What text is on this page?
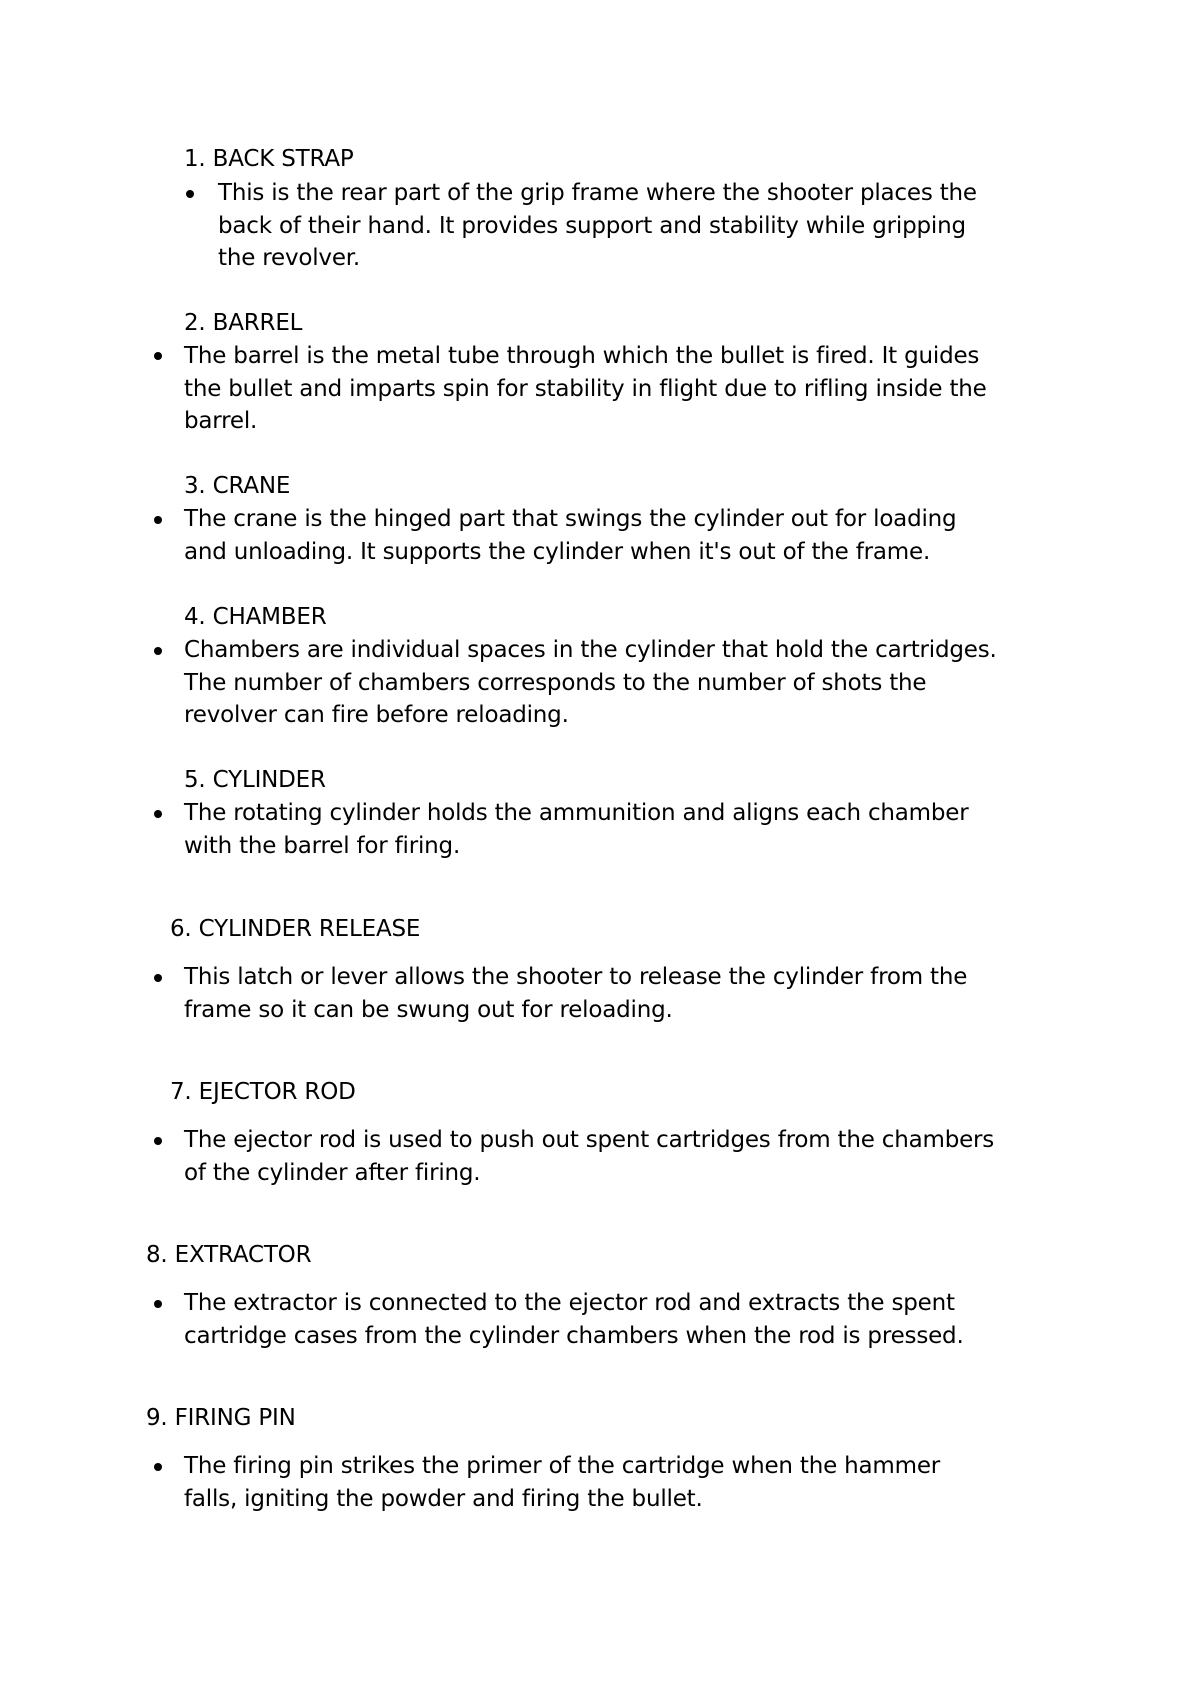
1. BACK STRAP
This is the rear part of the grip frame where the shooter places the
back of their hand. It provides support and stability while gripping
the revolver.
2. BARREL
The barrel is the metal tube through which the bullet is fired. It guides
the bullet and imparts spin for stability in flight due to rifling inside the
barrel.
3. CRANE
The crane is the hinged part that swings the cylinder out for loading
and unloading. It supports the cylinder when it's out of the frame.
4. CHAMBER
Chambers are individual spaces in the cylinder that hold the cartridges.
The number of chambers corresponds to the number of shots the
revolver can fire before reloading.
5. CYLINDER
The rotating cylinder holds the ammunition and aligns each chamber
with the barrel for firing.
6. CYLINDER RELEASE
This latch or lever allows the shooter to release the cylinder from the
frame so it can be swung out for reloading.
7. EJECTOR ROD
The ejector rod is used to push out spent cartridges from the chambers
of the cylinder after firing.
8. EXTRACTOR
The extractor is connected to the ejector rod and extracts the spent
cartridge cases from the cylinder chambers when the rod is pressed.
9. FIRING PIN
The firing pin strikes the primer of the cartridge when the hammer
falls, igniting the powder and firing the bullet.
